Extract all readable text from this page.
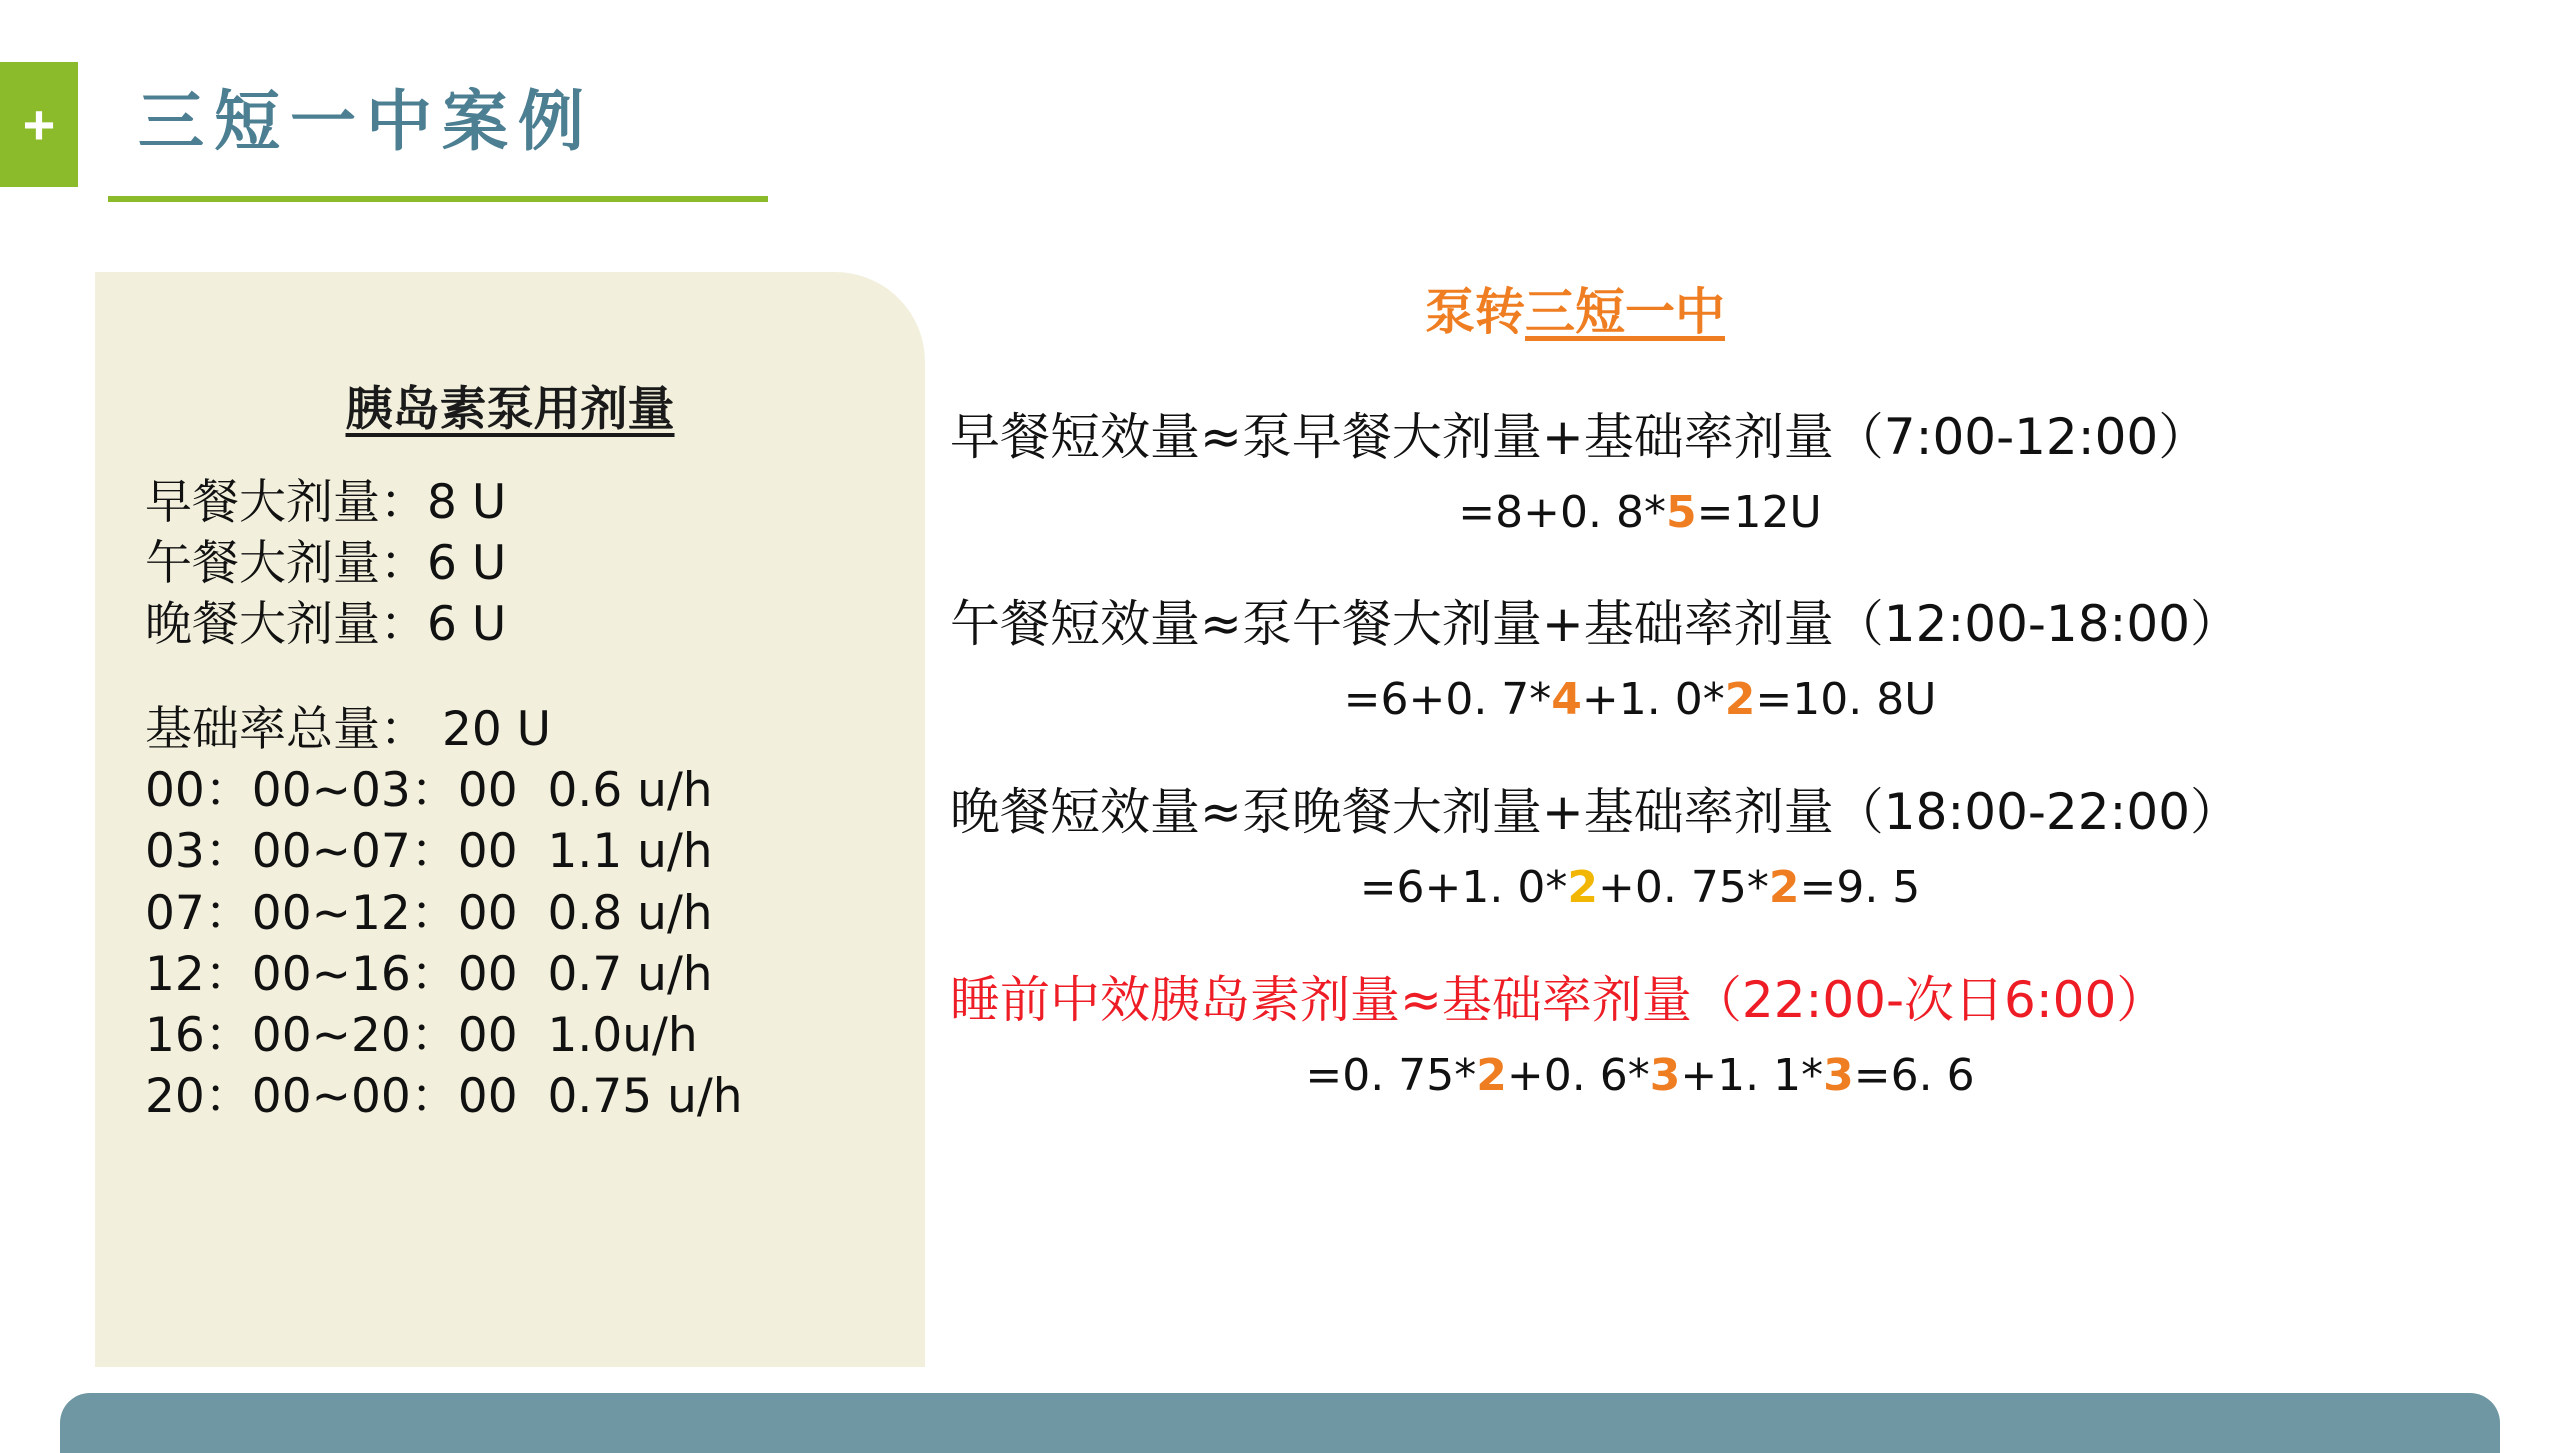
+ 三短一中案例
胰岛素泵用剂量
早餐大剂量：8 U
午餐大剂量：6 U
晚餐大剂量：6 U
基础率总量： 20 U
00：00~03：00  0.6 u/h
03：00~07：00  1.1 u/h
07：00~12：00  0.8 u/h
12：00~16：00  0.7 u/h
16：00~20：00  1.0u/h
20：00~00：00  0.75 u/h
泵转三短一中
早餐短效量≈泵早餐大剂量+基础率剂量（7:00-12:00）
=8+0. 8*5=12U
午餐短效量≈泵午餐大剂量+基础率剂量（12:00-18:00）
=6+0. 7*4+1. 0*2=10. 8U
晚餐短效量≈泵晚餐大剂量+基础率剂量（18:00-22:00）
=6+1. 0*2+0. 75*2=9. 5
睡前中效胰岛素剂量≈基础率剂量（22:00-次日6:00）
=0. 75*2+0. 6*3+1. 1*3=6. 6
